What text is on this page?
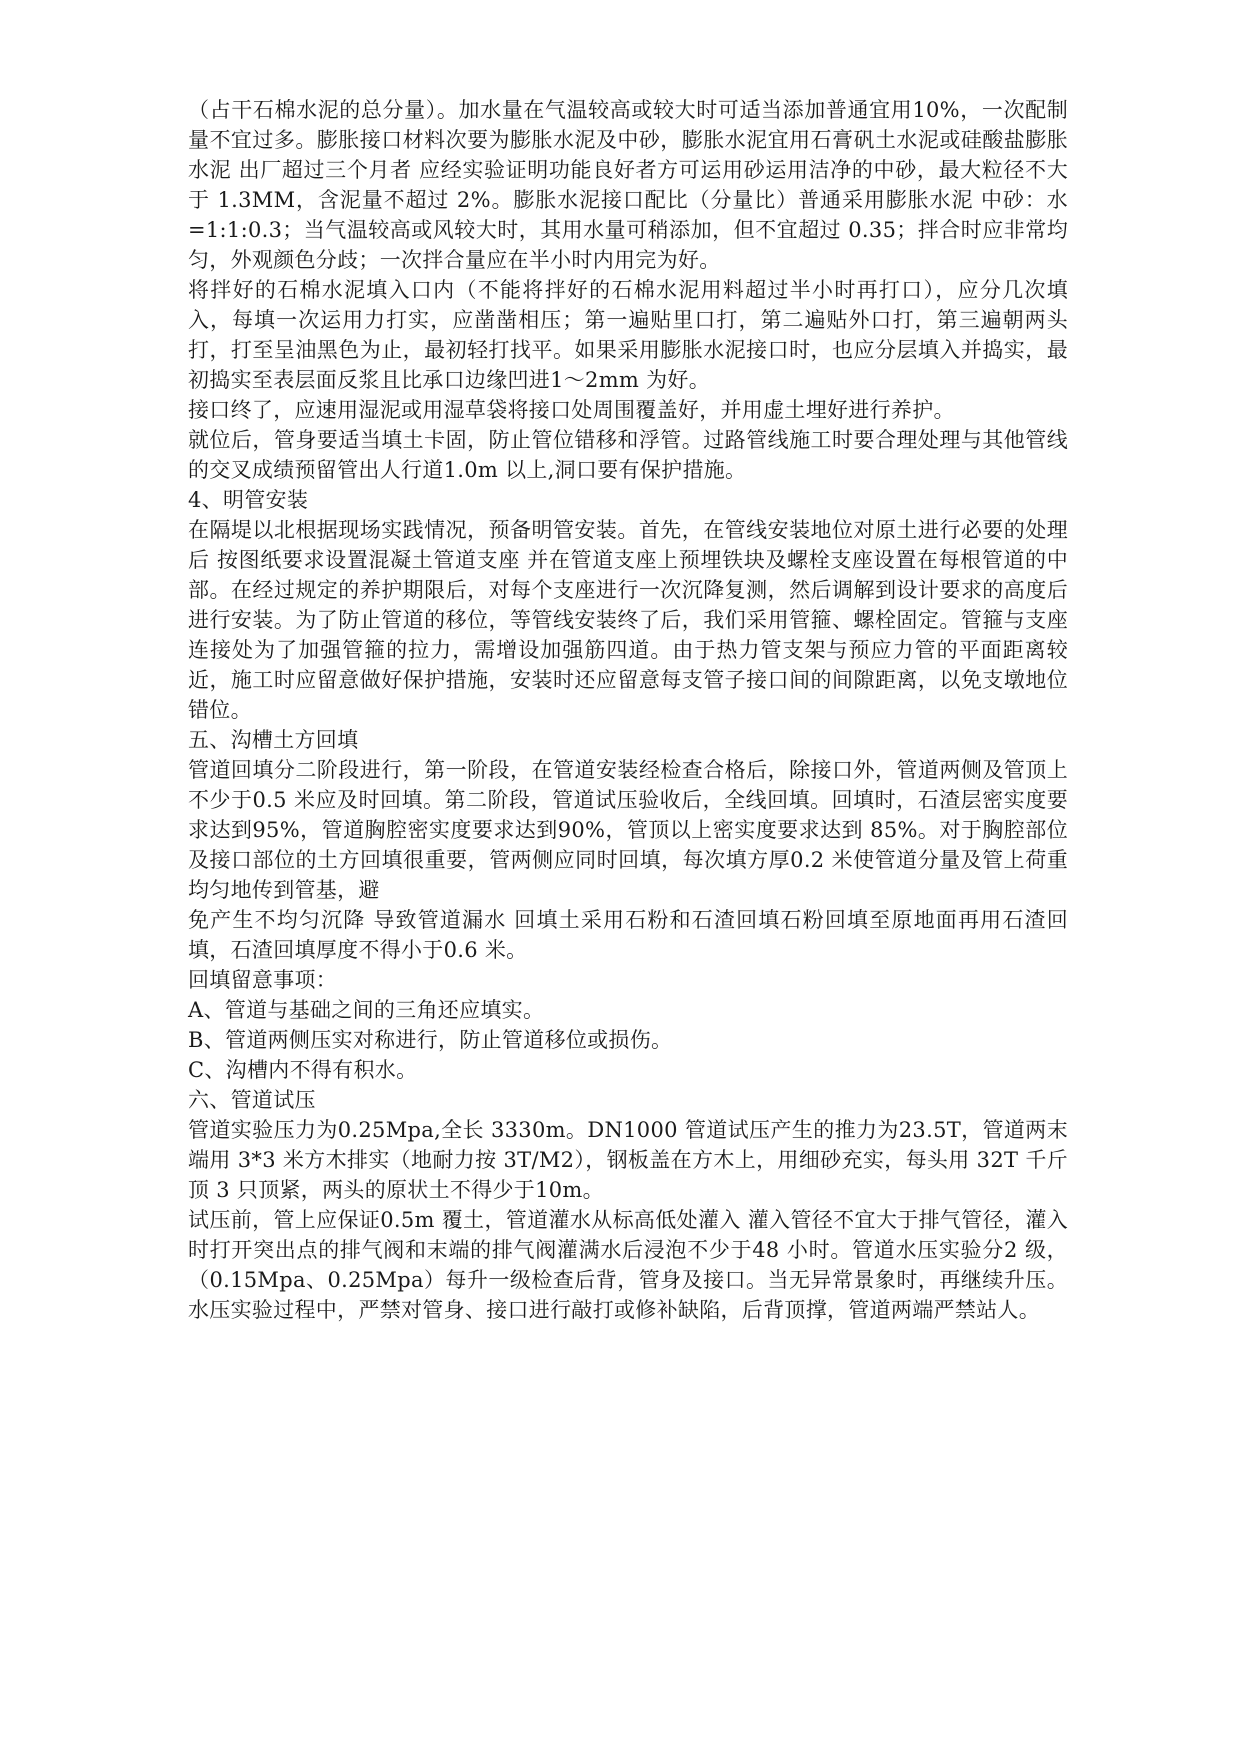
（占干石棉水泥的总分量）。加水量在气温较高或较大时可适当添加普通宜用10%，一次配制量不宜过多。膨胀接口材料次要为膨胀水泥及中砂，膨胀水泥宜用石膏矾土水泥或硅酸盐膨胀水泥 出厂超过三个月者 应经实验证明功能良好者方可运用砂运用洁净的中砂，最大粒径不大于 1.3MM，含泥量不超过 2%。膨胀水泥接口配比（分量比）普通采用膨胀水泥 中砂：水=1:1:0.3；当气温较高或风较大时，其用水量可稍添加，但不宜超过 0.35；拌合时应非常均匀，外观颜色分歧；一次拌合量应在半小时内用完为好。

将拌好的石棉水泥填入口内（不能将拌好的石棉水泥用料超过半小时再打口），应分几次填入，每填一次运用力打实，应凿凿相压；第一遍贴里口打，第二遍贴外口打，第三遍朝两头打，打至呈油黑色为止，最初轻打找平。如果采用膨胀水泥接口时，也应分层填入并捣实，最初捣实至表层面反浆且比承口边缘凹进1～2mm 为好。

接口终了，应速用湿泥或用湿草袋将接口处周围覆盖好，并用虚土埋好进行养护。

就位后，管身要适当填土卡固，防止管位错移和浮管。过路管线施工时要合理处理与其他管线的交叉成绩预留管出人行道1.0m 以上,洞口要有保护措施。

4、明管安装

在隔堤以北根据现场实践情况，预备明管安装。首先，在管线安装地位对原土进行必要的处理后 按图纸要求设置混凝土管道支座 并在管道支座上预埋铁块及螺栓支座设置在每根管道的中部。在经过规定的养护期限后，对每个支座进行一次沉降复测，然后调解到设计要求的高度后进行安装。为了防止管道的移位，等管线安装终了后，我们采用管箍、螺栓固定。管箍与支座连接处为了加强管箍的拉力，需增设加强筋四道。由于热力管支架与预应力管的平面距离较近，施工时应留意做好保护措施，安装时还应留意每支管子接口间的间隙距离，以免支墩地位错位。

五、沟槽土方回填

管道回填分二阶段进行，第一阶段，在管道安装经检查合格后，除接口外，管道两侧及管顶上不少于0.5 米应及时回填。第二阶段，管道试压验收后，全线回填。回填时，石渣层密实度要求达到95%，管道胸腔密实度要求达到90%，管顶以上密实度要求达到 85%。对于胸腔部位及接口部位的土方回填很重要，管两侧应同时回填，每次填方厚0.2 米使管道分量及管上荷重均匀地传到管基，避

免产生不均匀沉降 导致管道漏水 回填土采用石粉和石渣回填石粉回填至原地面再用石渣回填，石渣回填厚度不得小于0.6 米。

回填留意事项：

A、管道与基础之间的三角还应填实。

B、管道两侧压实对称进行，防止管道移位或损伤。

C、沟槽内不得有积水。

六、管道试压

管道实验压力为0.25Mpa,全长 3330m。DN1000 管道试压产生的推力为23.5T，管道两末端用 3*3 米方木排实（地耐力按 3T/M2），钢板盖在方木上，用细砂充实，每头用 32T 千斤顶 3 只顶紧，两头的原状土不得少于10m。

试压前，管上应保证0.5m 覆土，管道灌水从标高低处灌入 灌入管径不宜大于排气管径，灌入时打开突出点的排气阀和末端的排气阀灌满水后浸泡不少于48 小时。管道水压实验分2 级，（0.15Mpa、0.25Mpa）每升一级检查后背，管身及接口。当无异常景象时，再继续升压。水压实验过程中，严禁对管身、接口进行敲打或修补缺陷，后背顶撑，管道两端严禁站人。
